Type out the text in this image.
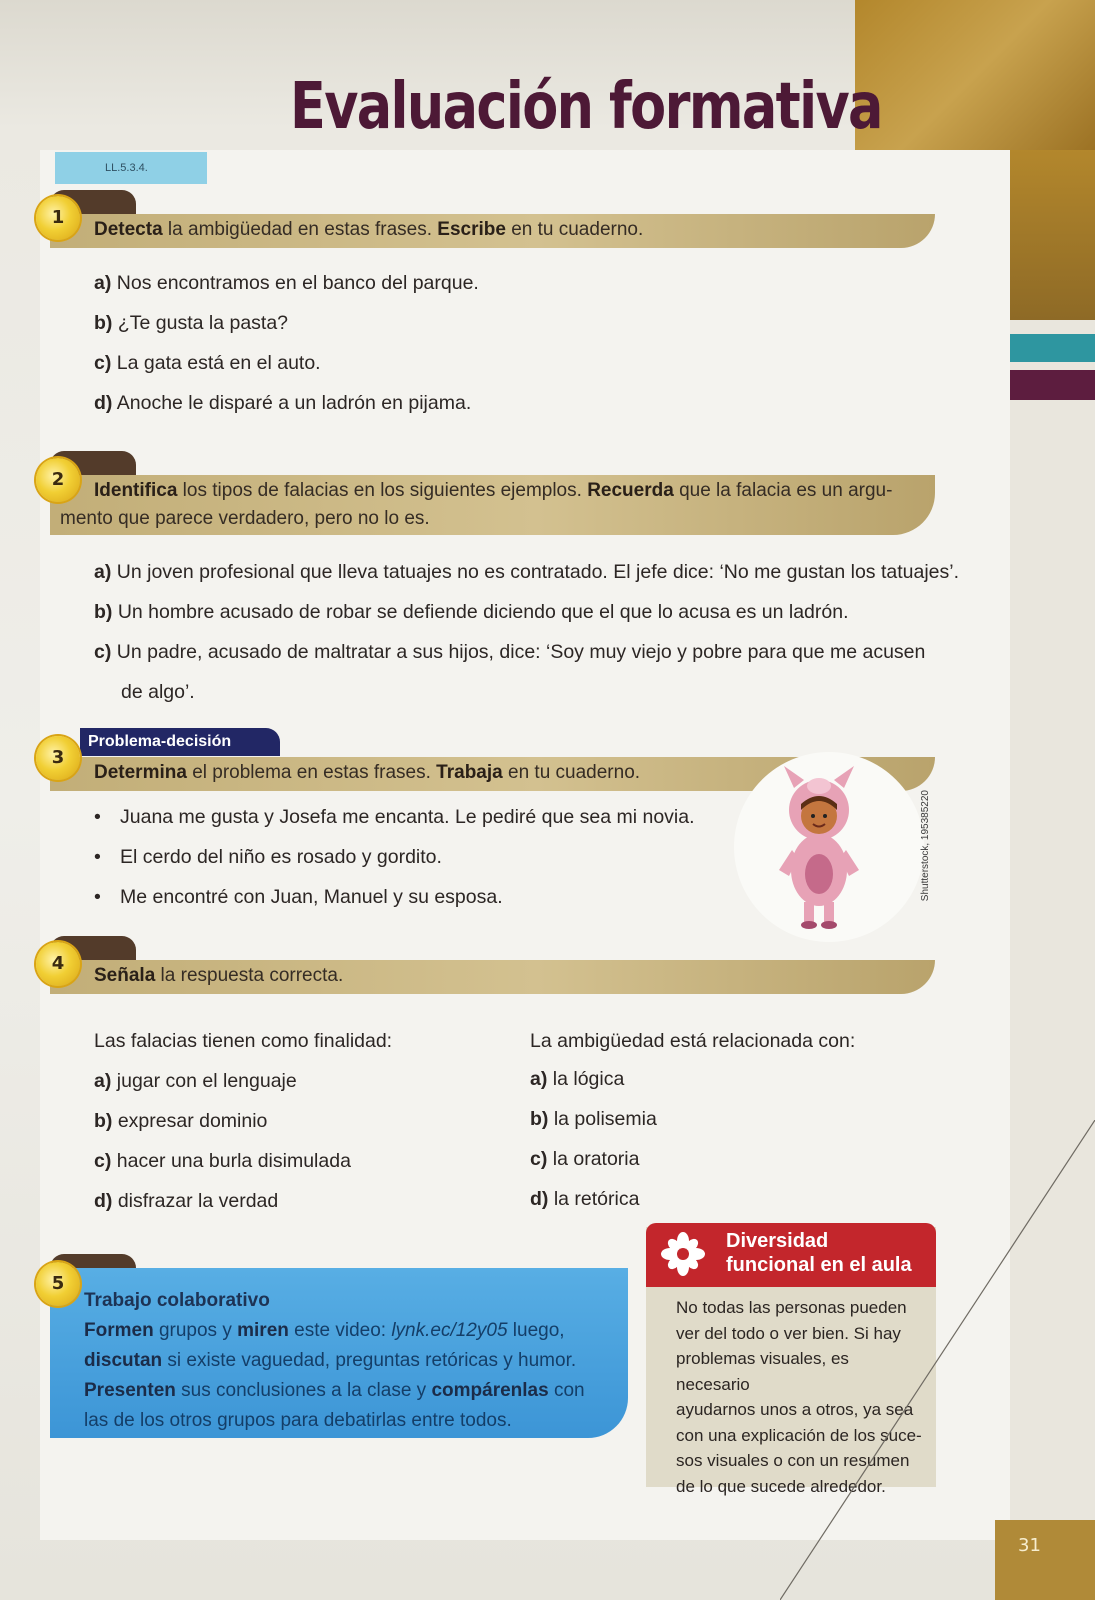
Evaluación formativa
LL.5.3.4.
1
Detecta la ambigüedad en estas frases. Escribe en tu cuaderno.
a) Nos encontramos en el banco del parque.
b) ¿Te gusta la pasta?
c) La gata está en el auto.
d) Anoche le disparé a un ladrón en pijama.
2
Identifica los tipos de falacias en los siguientes ejemplos. Recuerda que la falacia es un argu-
mento que parece verdadero, pero no lo es.
a) Un joven profesional que lleva tatuajes no es contratado. El jefe dice: ‘No me gustan los tatuajes’.
b) Un hombre acusado de robar se defiende diciendo que el que lo acusa es un ladrón.
c) Un padre, acusado de maltratar a sus hijos, dice: ‘Soy muy viejo y pobre para que me acusen
de algo’.
Problema-decisión
3
Determina el problema en estas frases. Trabaja en tu cuaderno.
• Juana me gusta y Josefa me encanta. Le pediré que sea mi novia.
• El cerdo del niño es rosado y gordito.
• Me encontré con Juan, Manuel y su esposa.	Shutterstock, 195385220
4
Señala la respuesta correcta.
Las falacias tienen como finalidad:	La ambigüedad está relacionada con:
a) jugar con el lenguaje
b) expresar dominio
c) hacer una burla disimulada
d) disfrazar la verdad
a) la lógica
b) la polisemia
c) la oratoria
d) la retórica
Trabajo colaborativo
Formen grupos y miren este video: lynk.ec/12y05 luego,
discutan si existe vaguedad, preguntas retóricas y humor.
Presenten sus conclusiones a la clase y compárenlas con
las de los otros grupos para debatirlas entre todos.
5
Diversidad
funcional en el aula
No todas las personas pueden
ver del todo o ver bien. Si hay
problemas visuales, es necesario
ayudarnos unos a otros, ya sea
con una explicación de los suce-
sos visuales o con un resumen
de lo que sucede alrededor.
31
